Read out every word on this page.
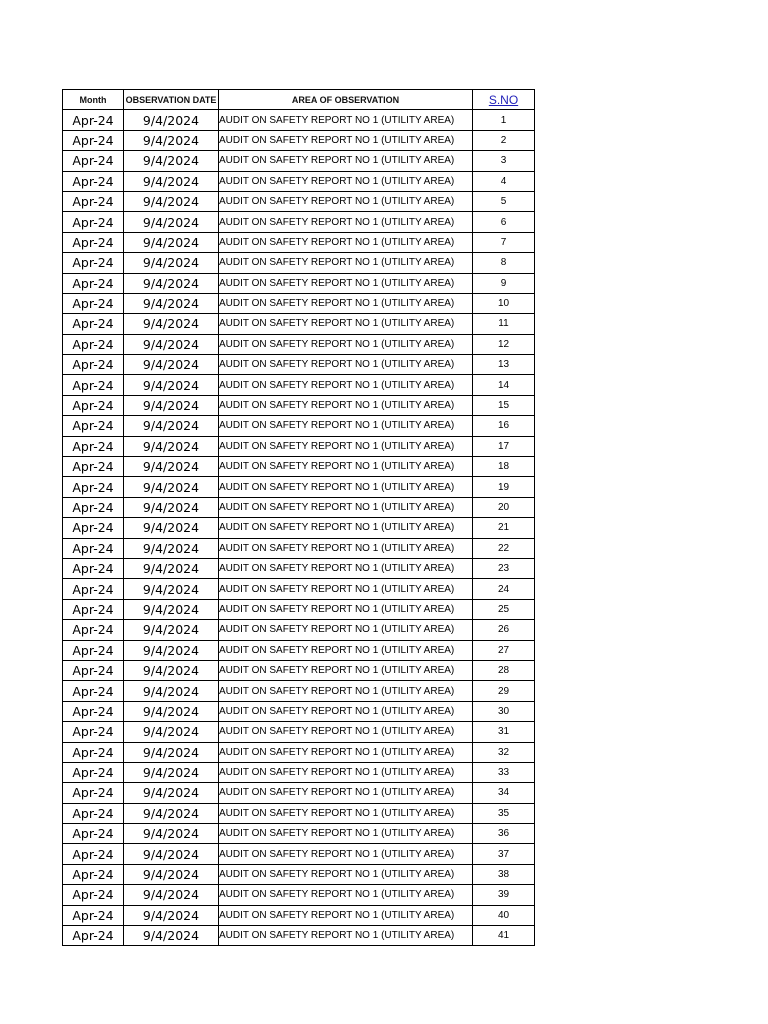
Month	OBSERVATION DATE	AREA OF OBSERVATION	S.NO
Apr-24	9/4/2024	AUDIT ON SAFETY REPORT NO 1 (UTILITY AREA)	1
Apr-24	9/4/2024	AUDIT ON SAFETY REPORT NO 1 (UTILITY AREA)	2
Apr-24	9/4/2024	AUDIT ON SAFETY REPORT NO 1 (UTILITY AREA)	3
Apr-24	9/4/2024	AUDIT ON SAFETY REPORT NO 1 (UTILITY AREA)	4
Apr-24	9/4/2024	AUDIT ON SAFETY REPORT NO 1 (UTILITY AREA)	5
Apr-24	9/4/2024	AUDIT ON SAFETY REPORT NO 1 (UTILITY AREA)	6
Apr-24	9/4/2024	AUDIT ON SAFETY REPORT NO 1 (UTILITY AREA)	7
Apr-24	9/4/2024	AUDIT ON SAFETY REPORT NO 1 (UTILITY AREA)	8
Apr-24	9/4/2024	AUDIT ON SAFETY REPORT NO 1 (UTILITY AREA)	9
Apr-24	9/4/2024	AUDIT ON SAFETY REPORT NO 1 (UTILITY AREA)	10
Apr-24	9/4/2024	AUDIT ON SAFETY REPORT NO 1 (UTILITY AREA)	11
Apr-24	9/4/2024	AUDIT ON SAFETY REPORT NO 1 (UTILITY AREA)	12
Apr-24	9/4/2024	AUDIT ON SAFETY REPORT NO 1 (UTILITY AREA)	13
Apr-24	9/4/2024	AUDIT ON SAFETY REPORT NO 1 (UTILITY AREA)	14
Apr-24	9/4/2024	AUDIT ON SAFETY REPORT NO 1 (UTILITY AREA)	15
Apr-24	9/4/2024	AUDIT ON SAFETY REPORT NO 1 (UTILITY AREA)	16
Apr-24	9/4/2024	AUDIT ON SAFETY REPORT NO 1 (UTILITY AREA)	17
Apr-24	9/4/2024	AUDIT ON SAFETY REPORT NO 1 (UTILITY AREA)	18
Apr-24	9/4/2024	AUDIT ON SAFETY REPORT NO 1 (UTILITY AREA)	19
Apr-24	9/4/2024	AUDIT ON SAFETY REPORT NO 1 (UTILITY AREA)	20
Apr-24	9/4/2024	AUDIT ON SAFETY REPORT NO 1 (UTILITY AREA)	21
Apr-24	9/4/2024	AUDIT ON SAFETY REPORT NO 1 (UTILITY AREA)	22
Apr-24	9/4/2024	AUDIT ON SAFETY REPORT NO 1 (UTILITY AREA)	23
Apr-24	9/4/2024	AUDIT ON SAFETY REPORT NO 1 (UTILITY AREA)	24
Apr-24	9/4/2024	AUDIT ON SAFETY REPORT NO 1 (UTILITY AREA)	25
Apr-24	9/4/2024	AUDIT ON SAFETY REPORT NO 1 (UTILITY AREA)	26
Apr-24	9/4/2024	AUDIT ON SAFETY REPORT NO 1 (UTILITY AREA)	27
Apr-24	9/4/2024	AUDIT ON SAFETY REPORT NO 1 (UTILITY AREA)	28
Apr-24	9/4/2024	AUDIT ON SAFETY REPORT NO 1 (UTILITY AREA)	29
Apr-24	9/4/2024	AUDIT ON SAFETY REPORT NO 1 (UTILITY AREA)	30
Apr-24	9/4/2024	AUDIT ON SAFETY REPORT NO 1 (UTILITY AREA)	31
Apr-24	9/4/2024	AUDIT ON SAFETY REPORT NO 1 (UTILITY AREA)	32
Apr-24	9/4/2024	AUDIT ON SAFETY REPORT NO 1 (UTILITY AREA)	33
Apr-24	9/4/2024	AUDIT ON SAFETY REPORT NO 1 (UTILITY AREA)	34
Apr-24	9/4/2024	AUDIT ON SAFETY REPORT NO 1 (UTILITY AREA)	35
Apr-24	9/4/2024	AUDIT ON SAFETY REPORT NO 1 (UTILITY AREA)	36
Apr-24	9/4/2024	AUDIT ON SAFETY REPORT NO 1 (UTILITY AREA)	37
Apr-24	9/4/2024	AUDIT ON SAFETY REPORT NO 1 (UTILITY AREA)	38
Apr-24	9/4/2024	AUDIT ON SAFETY REPORT NO 1 (UTILITY AREA)	39
Apr-24	9/4/2024	AUDIT ON SAFETY REPORT NO 1 (UTILITY AREA)	40
Apr-24	9/4/2024	AUDIT ON SAFETY REPORT NO 1 (UTILITY AREA)	41
